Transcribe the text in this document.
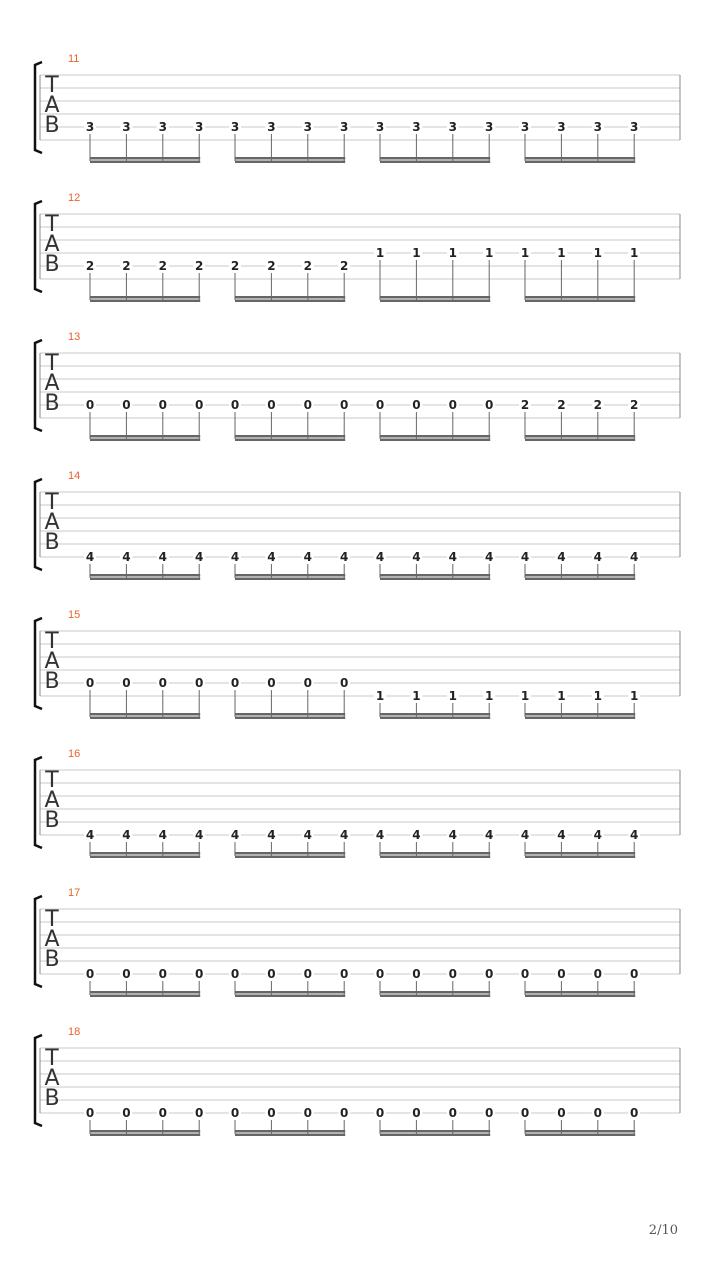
11
T
A
B 3 3 3 3 3 3 3 3 3 3 3 3 3 3 3 3
12
T
A
B 2 2 2 2 2 2 2 2
1 1 1 1 1 1 1 1
13
T
A
B 0 0 0 0 0 0 0 0 0 0 0 0 2 2 2 2
14
T
A
B
4 4 4 4 4 4 4 4 4 4 4 4 4 4 4 4
15
T
A
B 0 0 0 0 0 0 0 0
1 1 1 1 1 1 1 1
16
T
A
B
4 4 4 4 4 4 4 4 4 4 4 4 4 4 4 4
17
T
A
B
0 0 0 0 0 0 0 0 0 0 0 0 0 0 0 0
18
T
A
B
0 0 0 0 0 0 0 0 0 0 0 0 0 0 0 0
2/10
